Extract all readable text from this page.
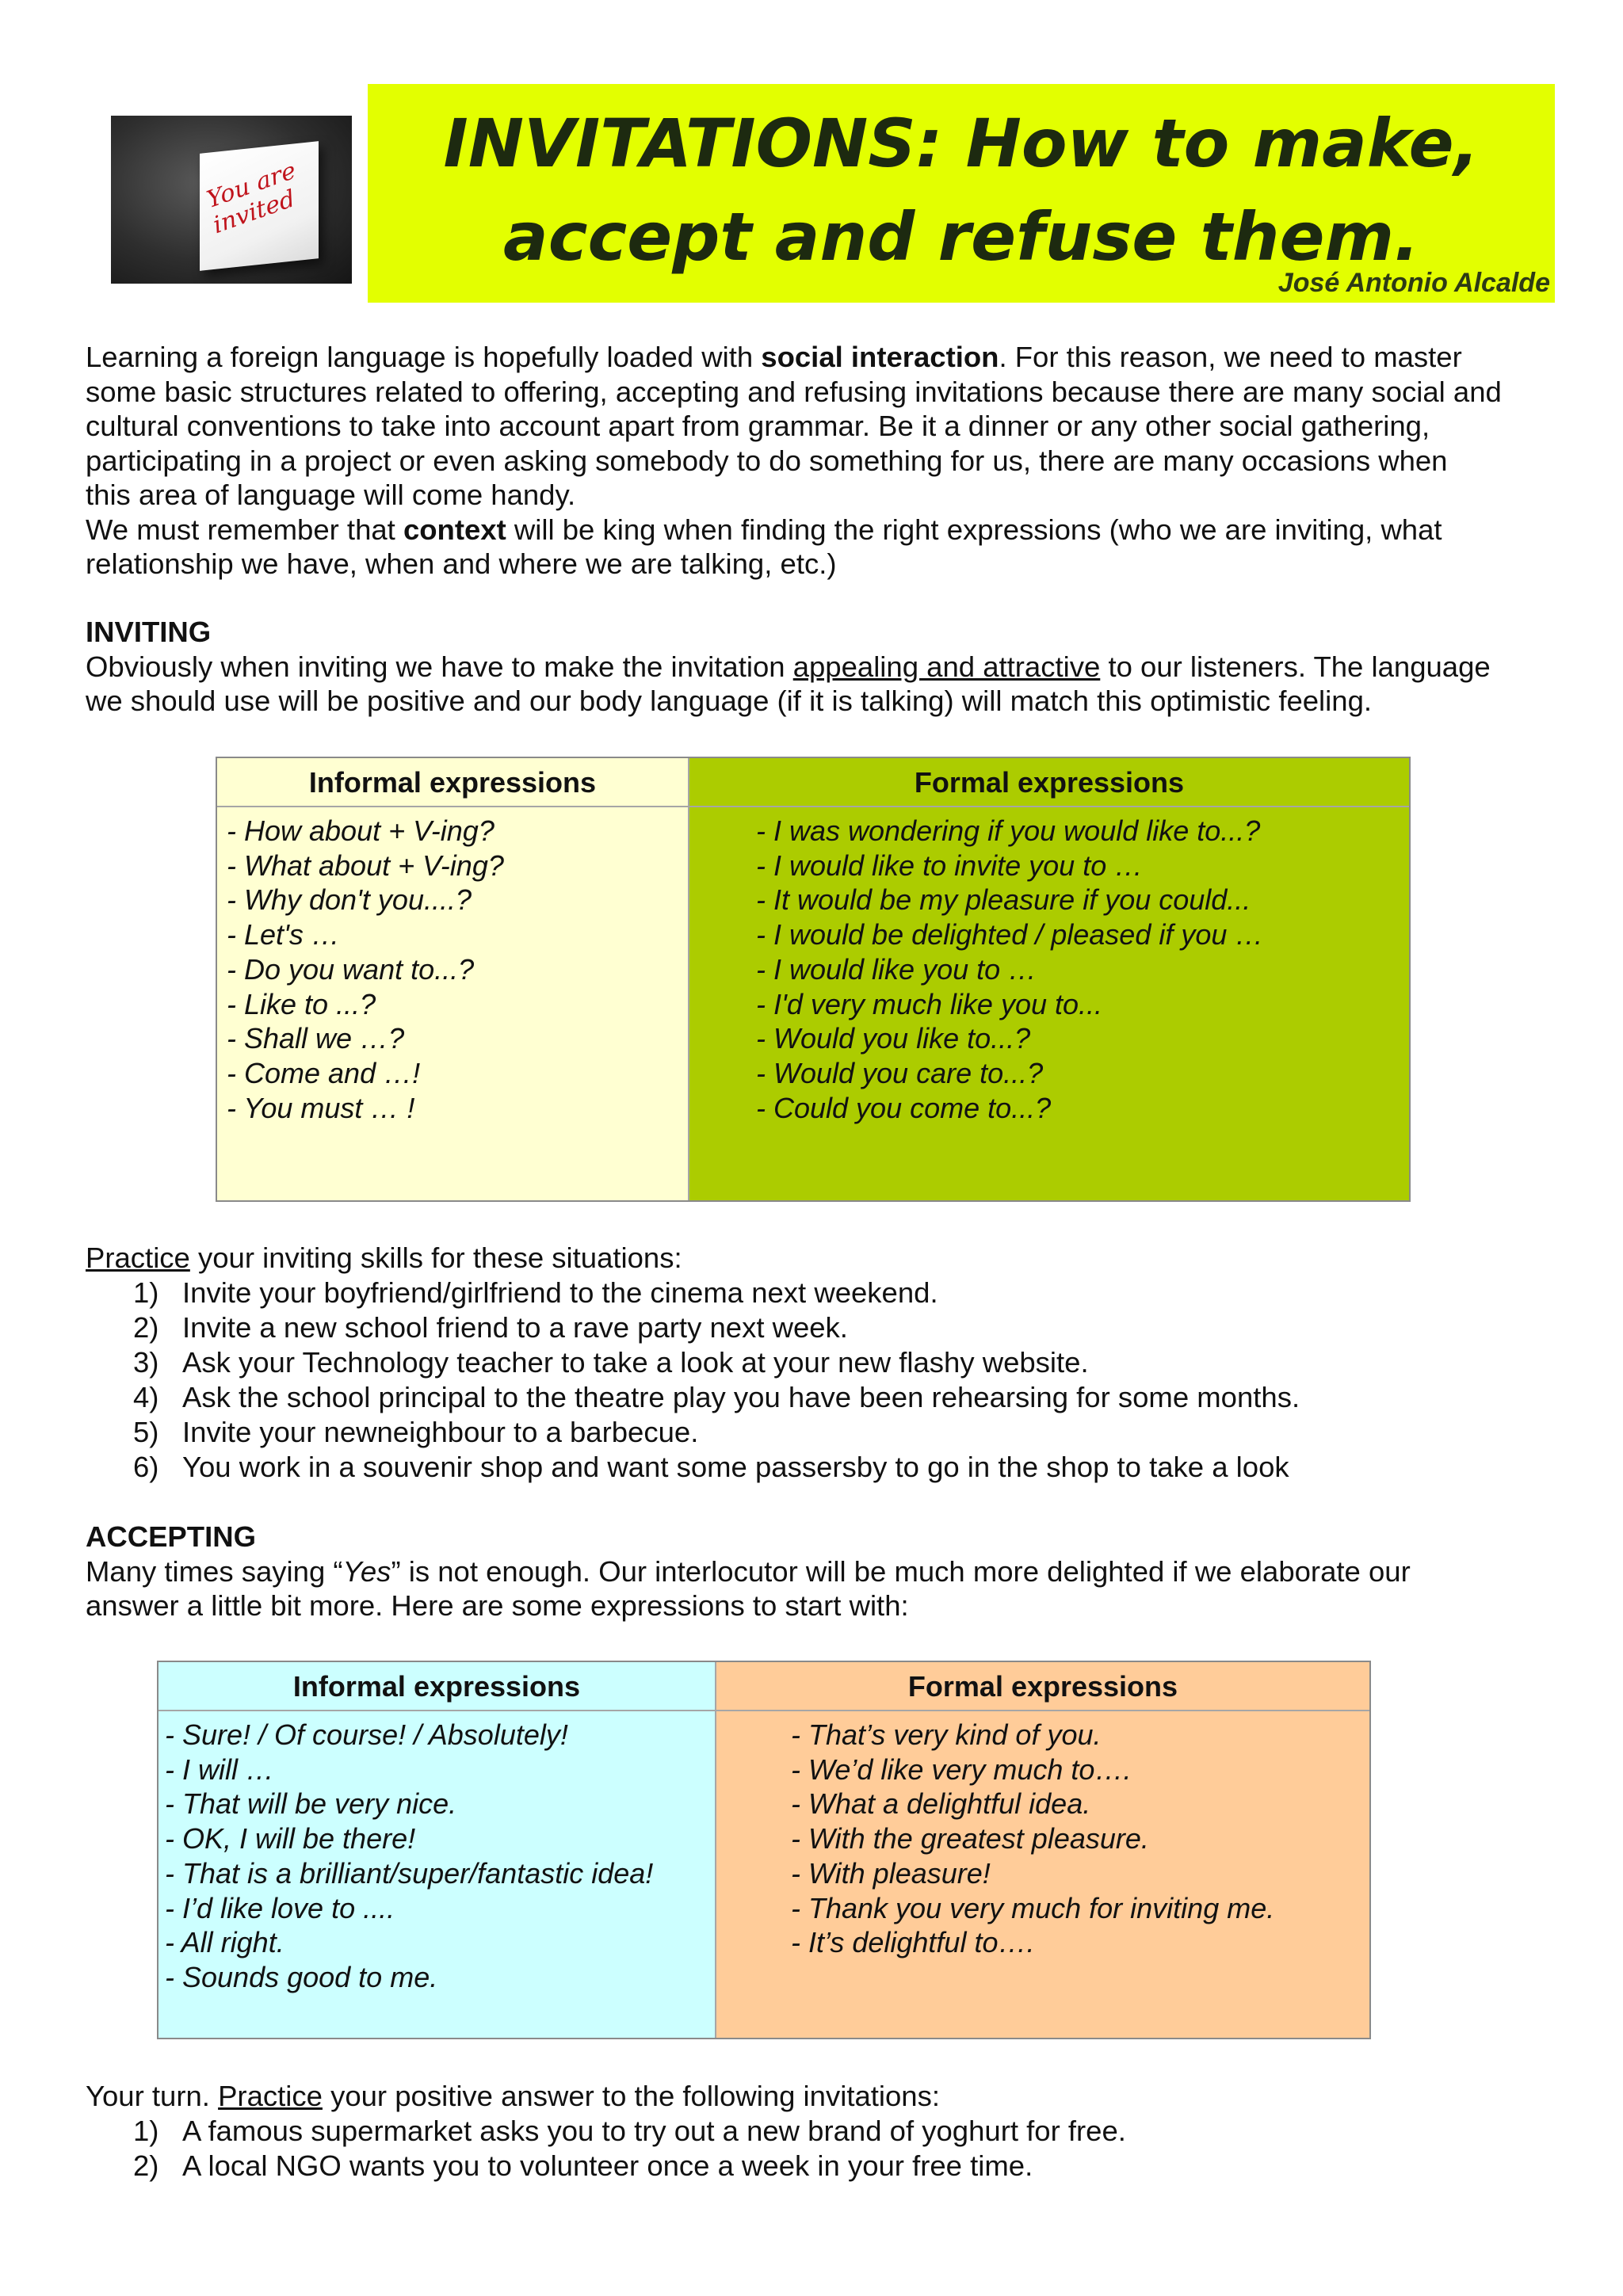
You are invited
INVITATIONS: How to make,
accept and refuse them.
José Antonio Alcalde

Learning a foreign language is hopefully loaded with social interaction. For this reason, we need to master
some basic structures related to offering, accepting and refusing invitations because there are many social and
cultural conventions to take into account apart from grammar. Be it a dinner or any other social gathering,
participating in a project or even asking somebody to do something for us, there are many occasions when
this area of language will come handy.
We must remember that context will be king when finding the right expressions (who we are inviting, what
relationship we have, when and where we are talking, etc.)

INVITING
Obviously when inviting we have to make the invitation appealing and attractive to our listeners. The language
we should use will be positive and our body language (if it is talking) will match this optimistic feeling.

Informal expressions
- How about + V-ing?
- What about + V-ing?
- Why don't you....?
- Let's …
- Do you want to...?
- Like to ...?
- Shall we …?
- Come and …!
- You must … !
Formal expressions
- I was wondering if you would like to...?
- I would like to invite you to …
- It would be my pleasure if you could...
- I would be delighted / pleased if you …
- I would like you to …
- I'd very much like you to...
- Would you like to...?
- Would you care to...?
- Could you come to...?

Practice your inviting skills for these situations:

1) Invite your boyfriend/girlfriend to the cinema next weekend.
2) Invite a new school friend to a rave party next week.
3) Ask your Technology teacher to take a look at your new flashy website.
4) Ask the school principal to the theatre play you have been rehearsing for some months.
5) Invite your newneighbour to a barbecue.
6) You work in a souvenir shop and want some passersby to go in the shop to take a look

ACCEPTING
Many times saying “Yes” is not enough. Our interlocutor will be much more delighted if we elaborate our
answer a little bit more. Here are some expressions to start with:

Informal expressions
- Sure! / Of course! / Absolutely!
- I will …
- That will be very nice.
- OK, I will be there!
- That is a brilliant/super/fantastic idea!
- I’d like love to ....
- All right.
- Sounds good to me.
Formal expressions
- That’s very kind of you.
- We’d like very much to….
- What a delightful idea.
- With the greatest pleasure.
- With pleasure!
- Thank you very much for inviting me.
- It’s delightful to….

Your turn. Practice your positive answer to the following invitations:

1) A famous supermarket asks you to try out a new brand of yoghurt for free.
2) A local NGO wants you to volunteer once a week in your free time.
